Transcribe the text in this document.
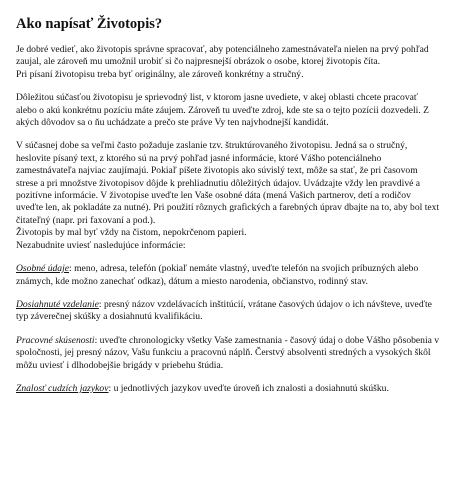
Ako napísať Životopis?

Je dobré vedieť, ako životopis správne spracovať, aby potenciálneho zamestnávateľa nielen na prvý pohľad zaujal, ale zároveň mu umožnil urobiť si čo najpresnejší obrázok o osobe, ktorej životopis číta.

Pri písaní životopisu treba byť originálny, ale zároveň konkrétny a stručný.

Dôležitou súčasťou životopisu je sprievodný list, v ktorom jasne uvediete, v akej oblasti chcete pracovať alebo o akú konkrétnu pozíciu máte záujem. Zároveň tu uveďte zdroj, kde ste sa o tejto pozícii dozvedeli. Z akých dôvodov sa o ňu uchádzate a prečo ste práve Vy ten najvhodnejší kandidát.

V súčasnej dobe sa veľmi často požaduje zaslanie tzv. štruktúrovaného životopisu. Jedná sa o stručný, heslovite písaný text, z ktorého sú na prvý pohľad jasné informácie, ktoré Vášho potenciálneho zamestnávateľa najviac zaujímajú. Pokiaľ píšete životopis ako súvislý text, môže sa stať, že pri časovom strese a pri množstve životopisov dôjde k prehliadnutiu dôležitých údajov. Uvádzajte vždy len pravdivé a pozitívne informácie. V životopise uveďte len Vaše osobné dáta (mená Vašich partnerov, detí a rodičov uveďte len, ak pokladáte za nutné). Pri použití rôznych grafických a farebných úprav dbajte na to, aby bol text čitateľný (napr. pri faxovaní a pod.).

Životopis by mal byť vždy na čistom, nepokrčenom papieri.

Nezabudnite uviesť nasledujúce informácie:

Osobné údaje: meno, adresa, telefón (pokiaľ nemáte vlastný, uveďte telefón na svojich príbuzných alebo známych, kde možno zanechať odkaz), dátum a miesto narodenia, občianstvo, rodinný stav.

Dosiahnuté vzdelanie: presný názov vzdelávacích inštitúcií, vrátane časových údajov o ich návšteve, uveďte typ záverečnej skúšky a dosiahnutú kvalifikáciu.

Pracovné skúsenosti: uveďte chronologicky všetky Vaše zamestnania - časový údaj o dobe Vášho pôsobenia v spoločnosti, jej presný názov, Vašu funkciu a pracovnú náplň. Čerstvý absolventi stredných a vysokých škôl môžu uviesť i dlhodobejšie brigády v priebehu štúdia.

Znalosť cudzích jazykov: u jednotlivých jazykov uveďte úroveň ich znalosti a dosiahnutú skúšku.
